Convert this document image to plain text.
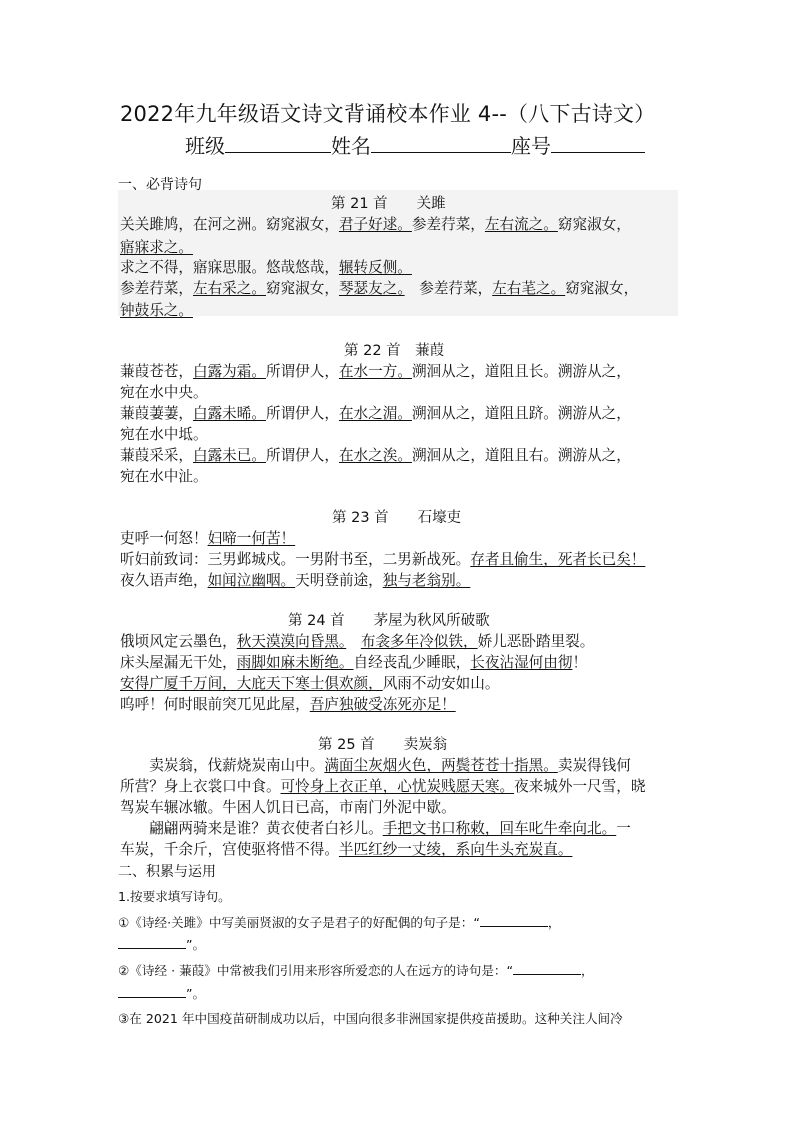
2022年九年级语文诗文背诵校本作业 4--（八下古诗文）
班级	姓名	座号
一、必背诗句
第 21 首　　关雎
关关雎鸠，在河之洲。窈窕淑女，君子好逑。参差荇菜，左右流之。窈窕淑女，
寤寐求之。
求之不得，寤寐思服。悠哉悠哉，辗转反侧。
参差荇菜，左右采之。窈窕淑女，琴瑟友之。　参差荇菜，左右芼之。窈窕淑女，
钟鼓乐之。
第 22 首　蒹葭
蒹葭苍苍，白露为霜。所谓伊人，在水一方。溯洄从之，道阻且长。溯游从之，
宛在水中央。
蒹葭萋萋，白露未晞。所谓伊人，在水之湄。溯洄从之，道阻且跻。溯游从之，
宛在水中坻。
蒹葭采采，白露未已。所谓伊人，在水之涘。溯洄从之，道阻且右。溯游从之，
宛在水中沚。
第 23 首　　石壕吏
吏呼一何怒！妇啼一何苦！
听妇前致词：三男邺城戍。一男附书至，二男新战死。存者且偷生，死者长已矣！
夜久语声绝，如闻泣幽咽。天明登前途，独与老翁别。
第 24 首　　茅屋为秋风所破歌
俄顷风定云墨色，秋天漠漠向昏黑。　 布衾多年冷似铁，娇儿恶卧踏里裂。
床头屋漏无干处，雨脚如麻未断绝。自经丧乱少睡眠，长夜沾湿何由彻！
安得广厦千万间，大庇天下寒士俱欢颜，风雨不动安如山。
呜呼！何时眼前突兀见此屋，吾庐独破受冻死亦足！
第 25 首　　卖炭翁
　　卖炭翁，伐薪烧炭南山中。满面尘灰烟火色，两鬓苍苍十指黑。卖炭得钱何
所营？身上衣裳口中食。可怜身上衣正单，心忧炭贱愿天寒。夜来城外一尺雪，晓
驾炭车辗冰辙。牛困人饥日已高，市南门外泥中歇。
　　翩翩两骑来是谁？黄衣使者白衫儿。手把文书口称敕，回车叱牛牵向北。一
车炭，千余斤，宫使驱将惜不得。半匹红纱一丈绫，系向牛头充炭直。
二、积累与运用
1.按要求填写诗句。
①《诗经·关雎》中写美丽贤淑的女子是君子的好配偶的句子是：“	，
”。
②《诗经 · 蒹葭》中常被我们引用来形容所爱恋的人在远方的诗句是：“	，
”。
③在 2021 年中国疫苗研制成功以后，中国向很多非洲国家提供疫苗援助。这种关注人间冷
